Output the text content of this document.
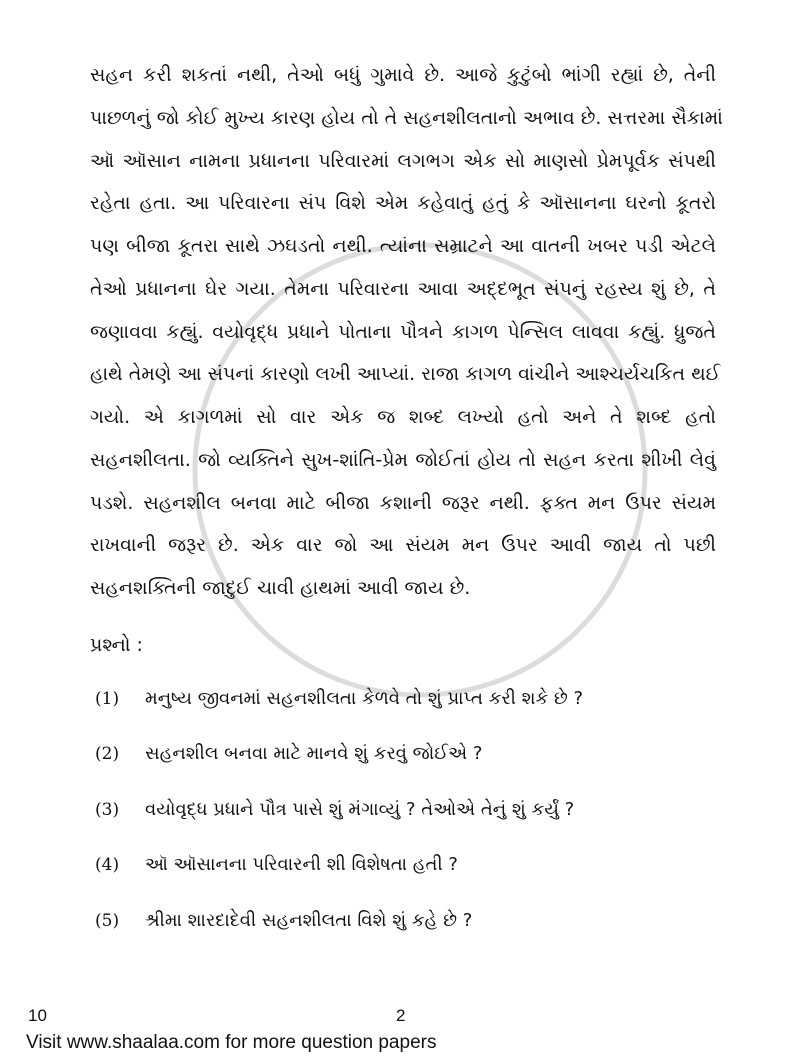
સહન કરી શકતાં નથી, તેઓ બધું ગુમાવે છે. આજે કુટુંબો ભાંગી રહ્યાં છે, તેની
પાછળનું જો કોઈ મુખ્ય કારણ હોય તો તે સહનશીલતાનો અભાવ છે. સત્તરમા સૈકામાં
ઑ ઑસાન નામના પ્રધાનના પરિવારમાં લગભગ એક સો માણસો પ્રેમપૂર્વક સંપથી
રહેતા હતા. આ પરિવારના સંપ વિશે એમ કહેવાતું હતું કે ઑસાનના ઘરનો કૂતરો
પણ બીજા કૂતરા સાથે ઝઘડતો નથી. ત્યાંના સમ્રાટને આ વાતની ખબર પડી એટલે
તેઓ પ્રધાનના ઘેર ગયા. તેમના પરિવારના આવા અદ્દભૂત સંપનું રહસ્ય શું છે, તે
જણાવવા કહ્યું. વયોવૃદ્ધ પ્રધાને પોતાના પૌત્રને કાગળ પેન્સિલ લાવવા કહ્યું. ધ્રુજતે
હાથે તેમણે આ સંપનાં કારણો લખી આપ્યાં. રાજા કાગળ વાંચીને આશ્ચર્યચકિત થઈ
ગયો. એ કાગળમાં સો વાર એક જ શબ્દ લખ્યો હતો અને તે શબ્દ હતો
સહનશીલતા. જો વ્યક્તિને સુખ-શાંતિ-પ્રેમ જોઈતાં હોય તો સહન કરતા શીખી લેવું
પડશે. સહનશીલ બનવા માટે બીજા કશાની જરૂર નથી. ફક્ત મન ઉપર સંયમ
રાખવાની જરૂર છે. એક વાર જો આ સંયમ મન ઉપર આવી જાય તો પછી
સહનશક્તિની જાદુઈ ચાવી હાથમાં આવી જાય છે.
પ્રશ્નો :
(1)	મનુષ્ય જીવનમાં સહનશીલતા કેળવે તો શું પ્રાપ્ત કરી શકે છે ?
(2)	સહનશીલ બનવા માટે માનવે શું કરવું જોઈએ ?
(3)	વયોવૃદ્ધ પ્રધાને પૌત્ર પાસે શું મંગાવ્યું ? તેઓએ તેનું શું કર્યું ?
(4)	ઑ ઑસાનના પરિવારની શી વિશેષતા હતી ?
(5)	શ્રીમા શારદાદેવી સહનશીલતા વિશે શું કહે છે ?
10	2
Visit www.shaalaa.com for more question papers
